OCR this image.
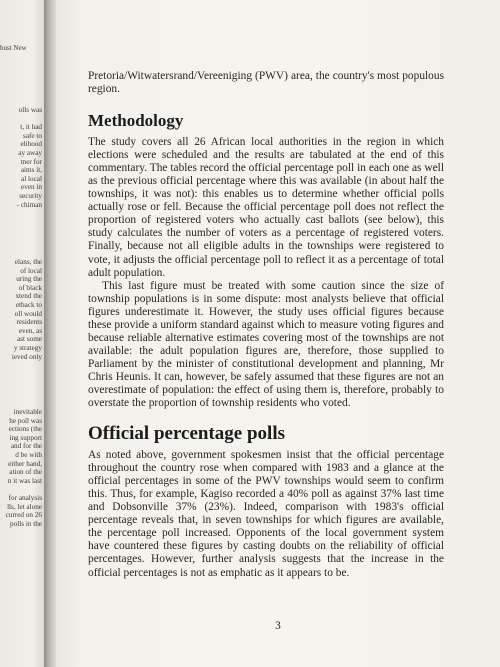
bust New
olls was

t, it had
safe to
elihood
ay away
tner for
aims it,
al local
even in
security
- chiman
elans, the
of local
uring the
of black
xtend the
etback to
oll would
residents
even, as
ast some
y strategy
ieved only
inevitable
he poll was
ections (the
ing support
and for the
d be with
either hand,
ation of the
n it was last

for analysis
lls, let alone
curred on 26
polls in the

Pretoria/Witwatersrand/Vereeniging (PWV) area, the country's most populous region.

Methodology

The study covers all 26 African local authorities in the region in which elections were scheduled and the results are tabulated at the end of this commentary. The tables record the official percentage poll in each one as well as the previous official percentage where this was available (in about half the townships, it was not): this enables us to determine whether official polls actually rose or fell. Because the official percentage poll does not reflect the proportion of registered voters who actually cast ballots (see below), this study calculates the number of voters as a percentage of registered voters. Finally, because not all eligible adults in the townships were registered to vote, it adjusts the official percentage poll to reflect it as a percentage of total adult population.

This last figure must be treated with some caution since the size of township populations is in some dispute: most analysts believe that official figures underestimate it. However, the study uses official figures because these provide a uniform standard against which to measure voting figures and because reliable alternative estimates covering most of the townships are not available: the adult population figures are, therefore, those supplied to Parliament by the minister of constitutional development and planning, Mr Chris Heunis. It can, however, be safely assumed that these figures are not an overestimate of population: the effect of using them is, therefore, probably to overstate the proportion of township residents who voted.

Official percentage polls

As noted above, government spokesmen insist that the official percentage throughout the country rose when compared with 1983 and a glance at the official percentages in some of the PWV townships would seem to confirm this. Thus, for example, Kagiso recorded a 40% poll as against 37% last time and Dobsonville 37% (23%). Indeed, comparison with 1983's official percentage reveals that, in seven townships for which figures are available, the percentage poll increased. Opponents of the local government system have countered these figures by casting doubts on the reliability of official percentages. However, further analysis suggests that the increase in the official percentages is not as emphatic as it appears to be.

3
